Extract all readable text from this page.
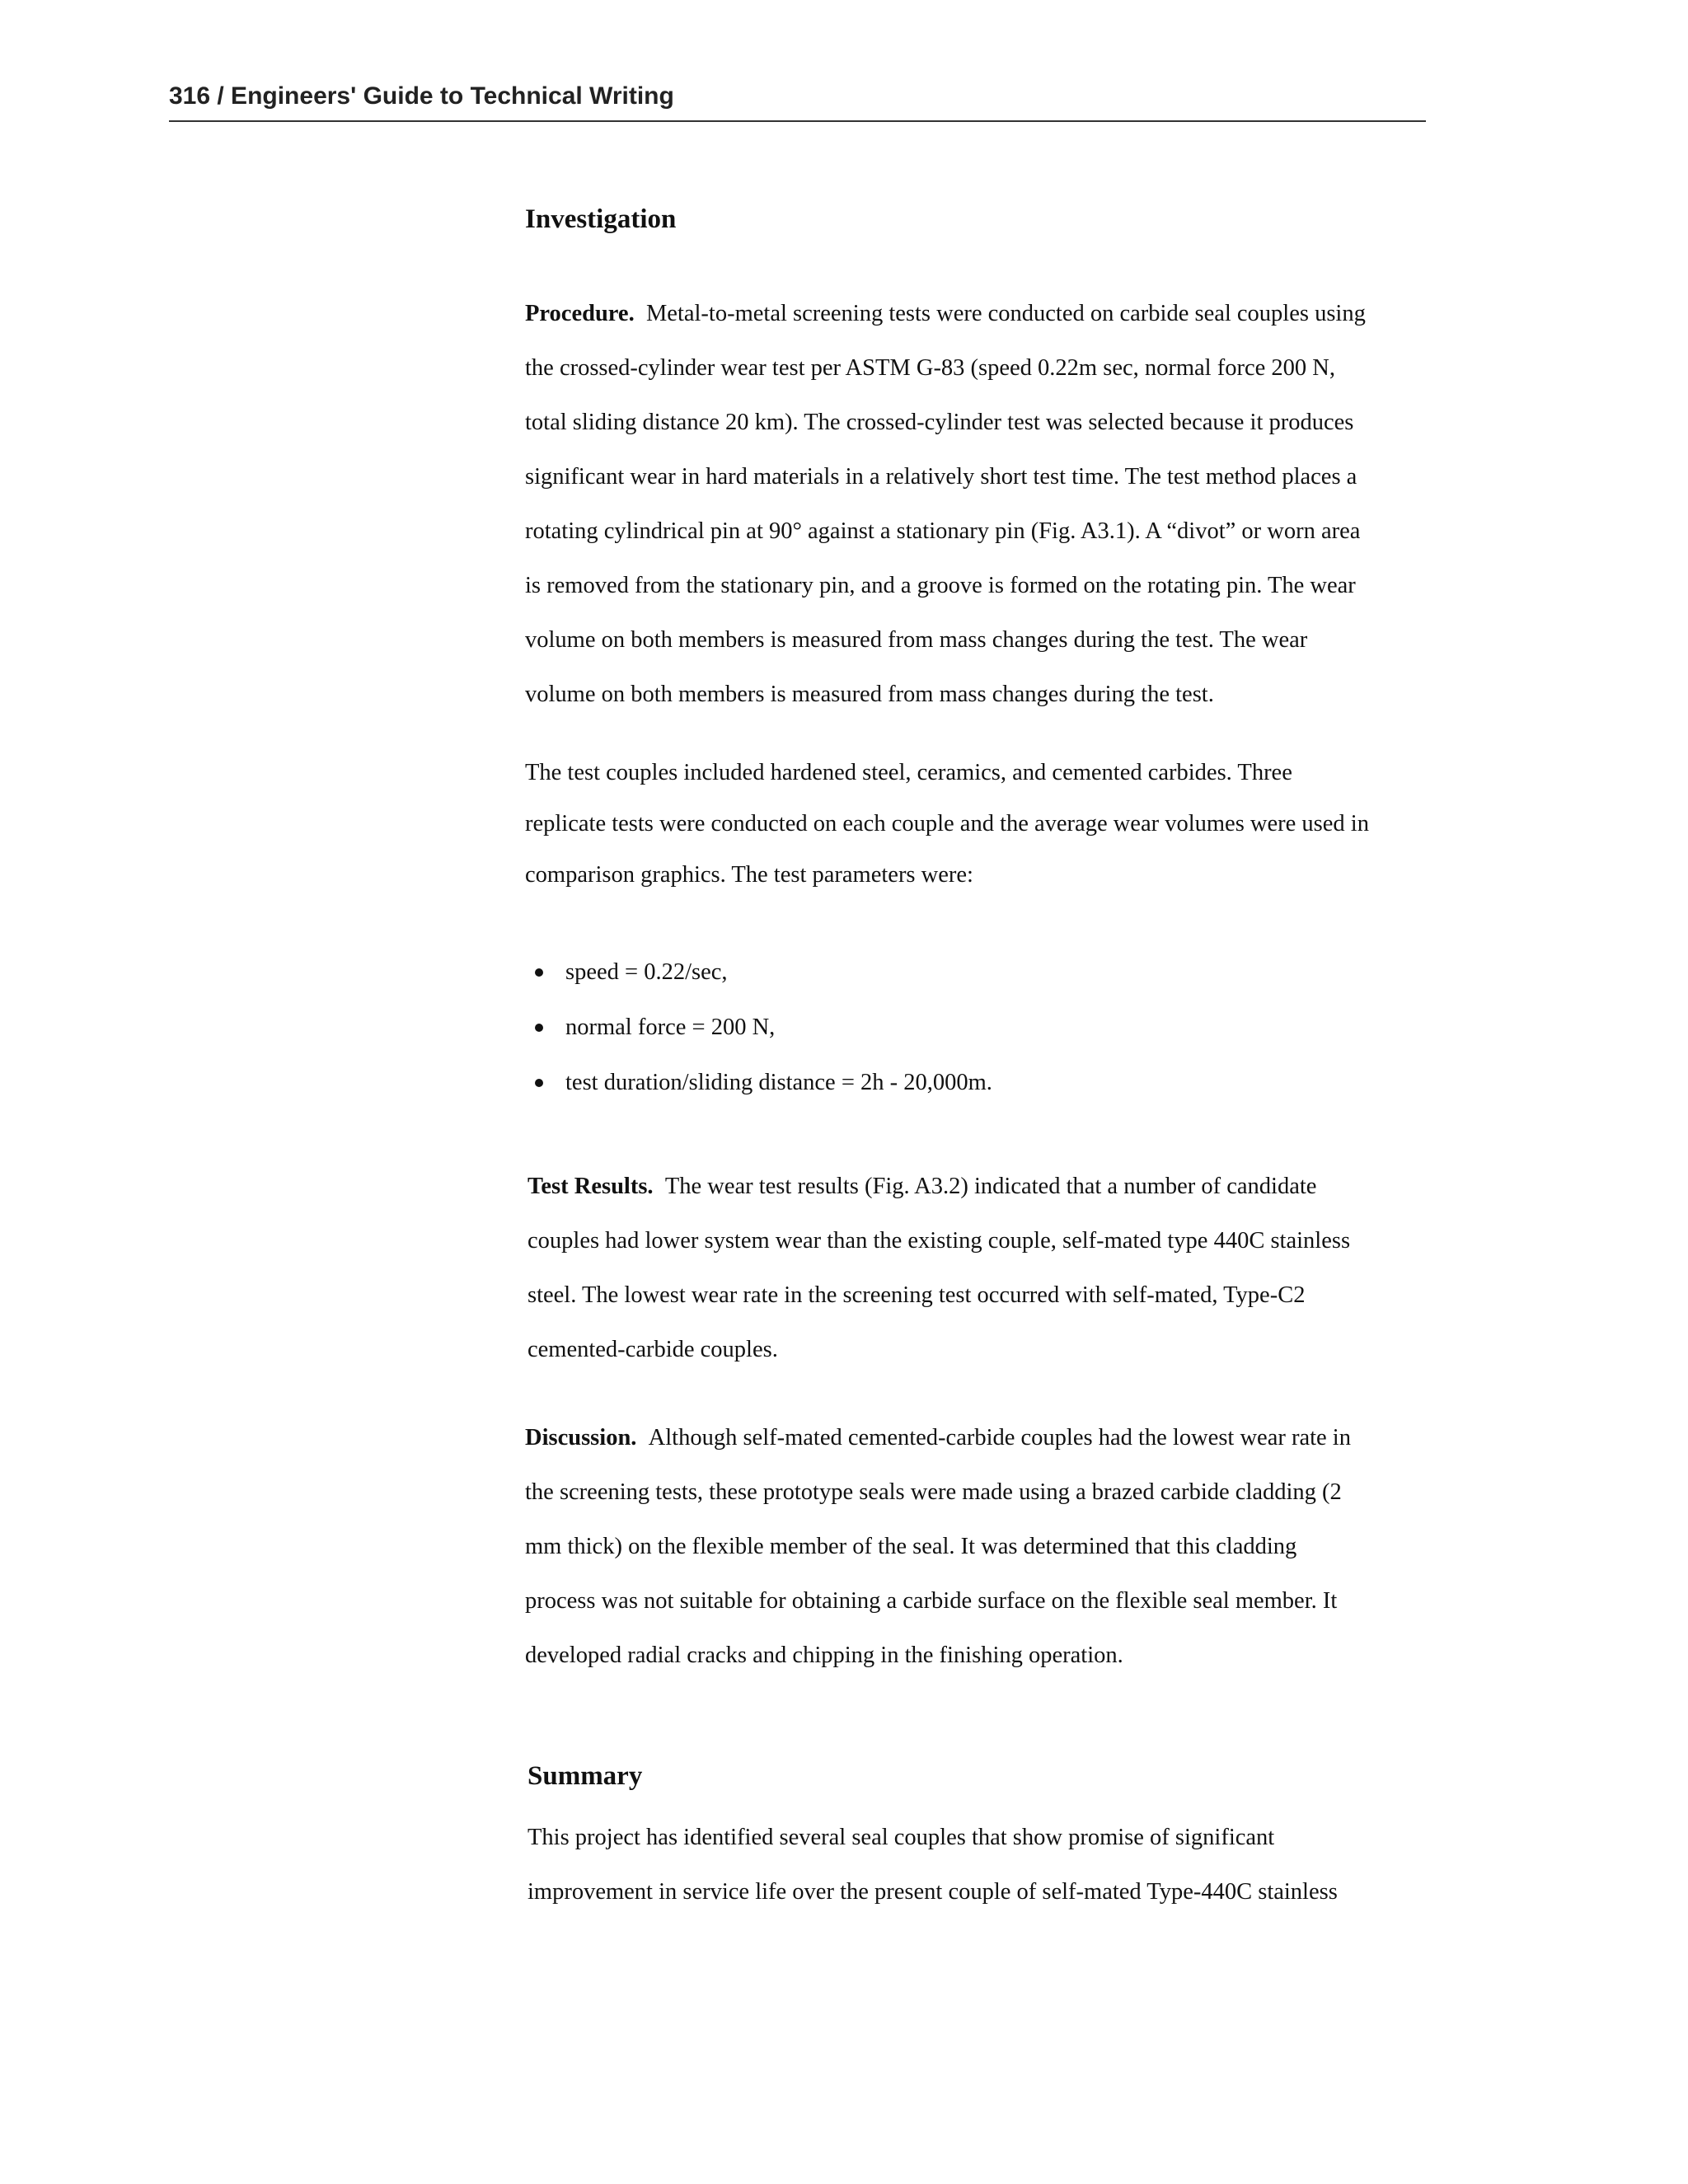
316 / Engineers' Guide to Technical Writing
Investigation
Procedure. Metal-to-metal screening tests were conducted on carbide seal couples using
the crossed-cylinder wear test per ASTM G-83 (speed 0.22m sec, normal force 200 N,
total sliding distance 20 km). The crossed-cylinder test was selected because it produces
significant wear in hard materials in a relatively short test time. The test method places a
rotating cylindrical pin at 90° against a stationary pin (Fig. A3.1). A “divot” or worn area
is removed from the stationary pin, and a groove is formed on the rotating pin. The wear
volume on both members is measured from mass changes during the test. The wear
volume on both members is measured from mass changes during the test.
The test couples included hardened steel, ceramics, and cemented carbides. Three
replicate tests were conducted on each couple and the average wear volumes were used in
comparison graphics. The test parameters were:
speed = 0.22/sec,
normal force = 200 N,
test duration/sliding distance = 2h - 20,000m.
Test Results. The wear test results (Fig. A3.2) indicated that a number of candidate
couples had lower system wear than the existing couple, self-mated type 440C stainless
steel. The lowest wear rate in the screening test occurred with self-mated, Type-C2
cemented-carbide couples.
Discussion. Although self-mated cemented-carbide couples had the lowest wear rate in
the screening tests, these prototype seals were made using a brazed carbide cladding (2
mm thick) on the flexible member of the seal. It was determined that this cladding
process was not suitable for obtaining a carbide surface on the flexible seal member. It
developed radial cracks and chipping in the finishing operation.
Summary
This project has identified several seal couples that show promise of significant
improvement in service life over the present couple of self-mated Type-440C stainless
